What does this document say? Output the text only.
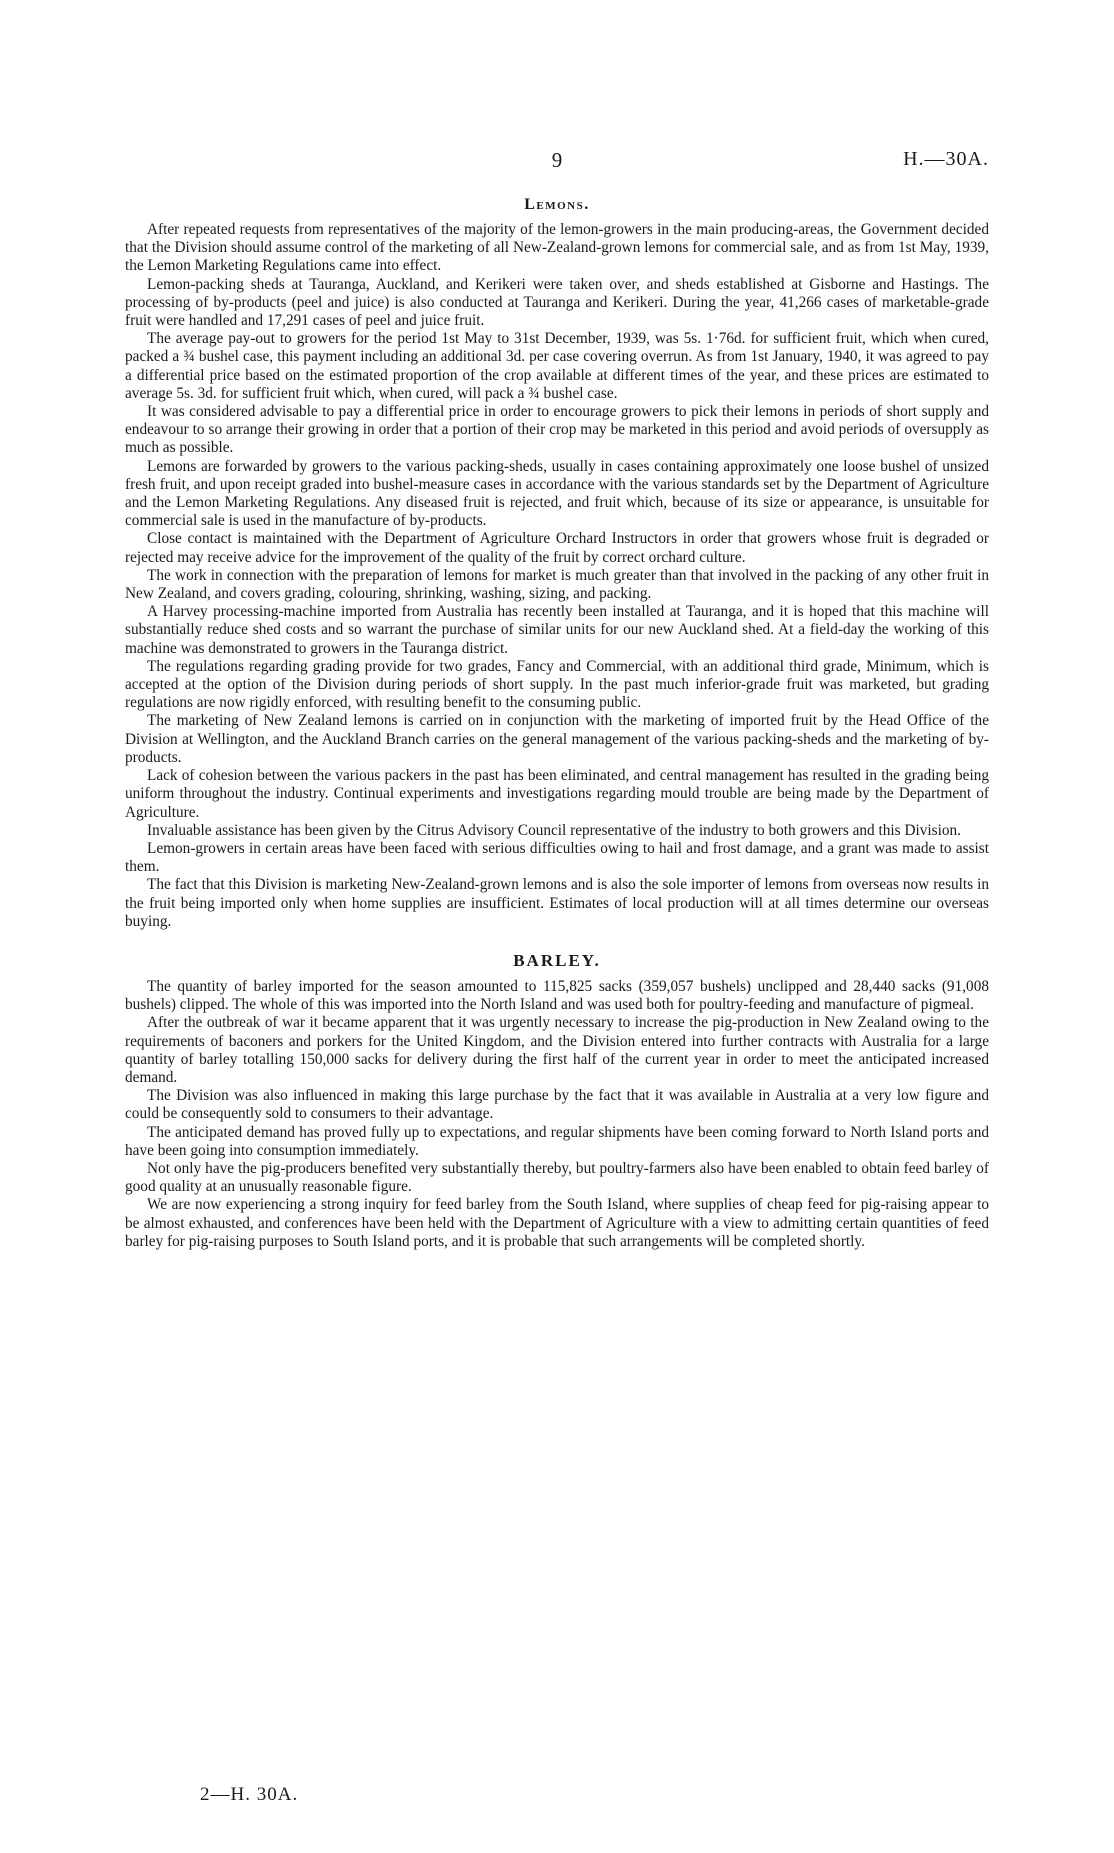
9	H.—30A.
Lemons.

After repeated requests from representatives of the majority of the lemon-growers in the main producing-areas, the Government decided that the Division should assume control of the marketing of all New-Zealand-grown lemons for commercial sale, and as from 1st May, 1939, the Lemon Marketing Regulations came into effect.

Lemon-packing sheds at Tauranga, Auckland, and Kerikeri were taken over, and sheds established at Gisborne and Hastings. The processing of by-products (peel and juice) is also conducted at Tauranga and Kerikeri. During the year, 41,266 cases of marketable-grade fruit were handled and 17,291 cases of peel and juice fruit.

The average pay-out to growers for the period 1st May to 31st December, 1939, was 5s. 1·76d. for sufficient fruit, which when cured, packed a ¾ bushel case, this payment including an additional 3d. per case covering overrun. As from 1st January, 1940, it was agreed to pay a differential price based on the estimated proportion of the crop available at different times of the year, and these prices are estimated to average 5s. 3d. for sufficient fruit which, when cured, will pack a ¾ bushel case.

It was considered advisable to pay a differential price in order to encourage growers to pick their lemons in periods of short supply and endeavour to so arrange their growing in order that a portion of their crop may be marketed in this period and avoid periods of oversupply as much as possible.

Lemons are forwarded by growers to the various packing-sheds, usually in cases containing approximately one loose bushel of unsized fresh fruit, and upon receipt graded into bushel-measure cases in accordance with the various standards set by the Department of Agriculture and the Lemon Marketing Regulations. Any diseased fruit is rejected, and fruit which, because of its size or appearance, is unsuitable for commercial sale is used in the manufacture of by-products.

Close contact is maintained with the Department of Agriculture Orchard Instructors in order that growers whose fruit is degraded or rejected may receive advice for the improvement of the quality of the fruit by correct orchard culture.

The work in connection with the preparation of lemons for market is much greater than that involved in the packing of any other fruit in New Zealand, and covers grading, colouring, shrinking, washing, sizing, and packing.

A Harvey processing-machine imported from Australia has recently been installed at Tauranga, and it is hoped that this machine will substantially reduce shed costs and so warrant the purchase of similar units for our new Auckland shed. At a field-day the working of this machine was demonstrated to growers in the Tauranga district.

The regulations regarding grading provide for two grades, Fancy and Commercial, with an additional third grade, Minimum, which is accepted at the option of the Division during periods of short supply. In the past much inferior-grade fruit was marketed, but grading regulations are now rigidly enforced, with resulting benefit to the consuming public.

The marketing of New Zealand lemons is carried on in conjunction with the marketing of imported fruit by the Head Office of the Division at Wellington, and the Auckland Branch carries on the general management of the various packing-sheds and the marketing of by-products.

Lack of cohesion between the various packers in the past has been eliminated, and central management has resulted in the grading being uniform throughout the industry. Continual experiments and investigations regarding mould trouble are being made by the Department of Agriculture.

Invaluable assistance has been given by the Citrus Advisory Council representative of the industry to both growers and this Division.

Lemon-growers in certain areas have been faced with serious difficulties owing to hail and frost damage, and a grant was made to assist them.

The fact that this Division is marketing New-Zealand-grown lemons and is also the sole importer of lemons from overseas now results in the fruit being imported only when home supplies are insufficient. Estimates of local production will at all times determine our overseas buying.

BARLEY.

The quantity of barley imported for the season amounted to 115,825 sacks (359,057 bushels) unclipped and 28,440 sacks (91,008 bushels) clipped. The whole of this was imported into the North Island and was used both for poultry-feeding and manufacture of pigmeal.

After the outbreak of war it became apparent that it was urgently necessary to increase the pig-production in New Zealand owing to the requirements of baconers and porkers for the United Kingdom, and the Division entered into further contracts with Australia for a large quantity of barley totalling 150,000 sacks for delivery during the first half of the current year in order to meet the anticipated increased demand.

The Division was also influenced in making this large purchase by the fact that it was available in Australia at a very low figure and could be consequently sold to consumers to their advantage.

The anticipated demand has proved fully up to expectations, and regular shipments have been coming forward to North Island ports and have been going into consumption immediately.

Not only have the pig-producers benefited very substantially thereby, but poultry-farmers also have been enabled to obtain feed barley of good quality at an unusually reasonable figure.

We are now experiencing a strong inquiry for feed barley from the South Island, where supplies of cheap feed for pig-raising appear to be almost exhausted, and conferences have been held with the Department of Agriculture with a view to admitting certain quantities of feed barley for pig-raising purposes to South Island ports, and it is probable that such arrangements will be completed shortly.

2—H. 30A.
